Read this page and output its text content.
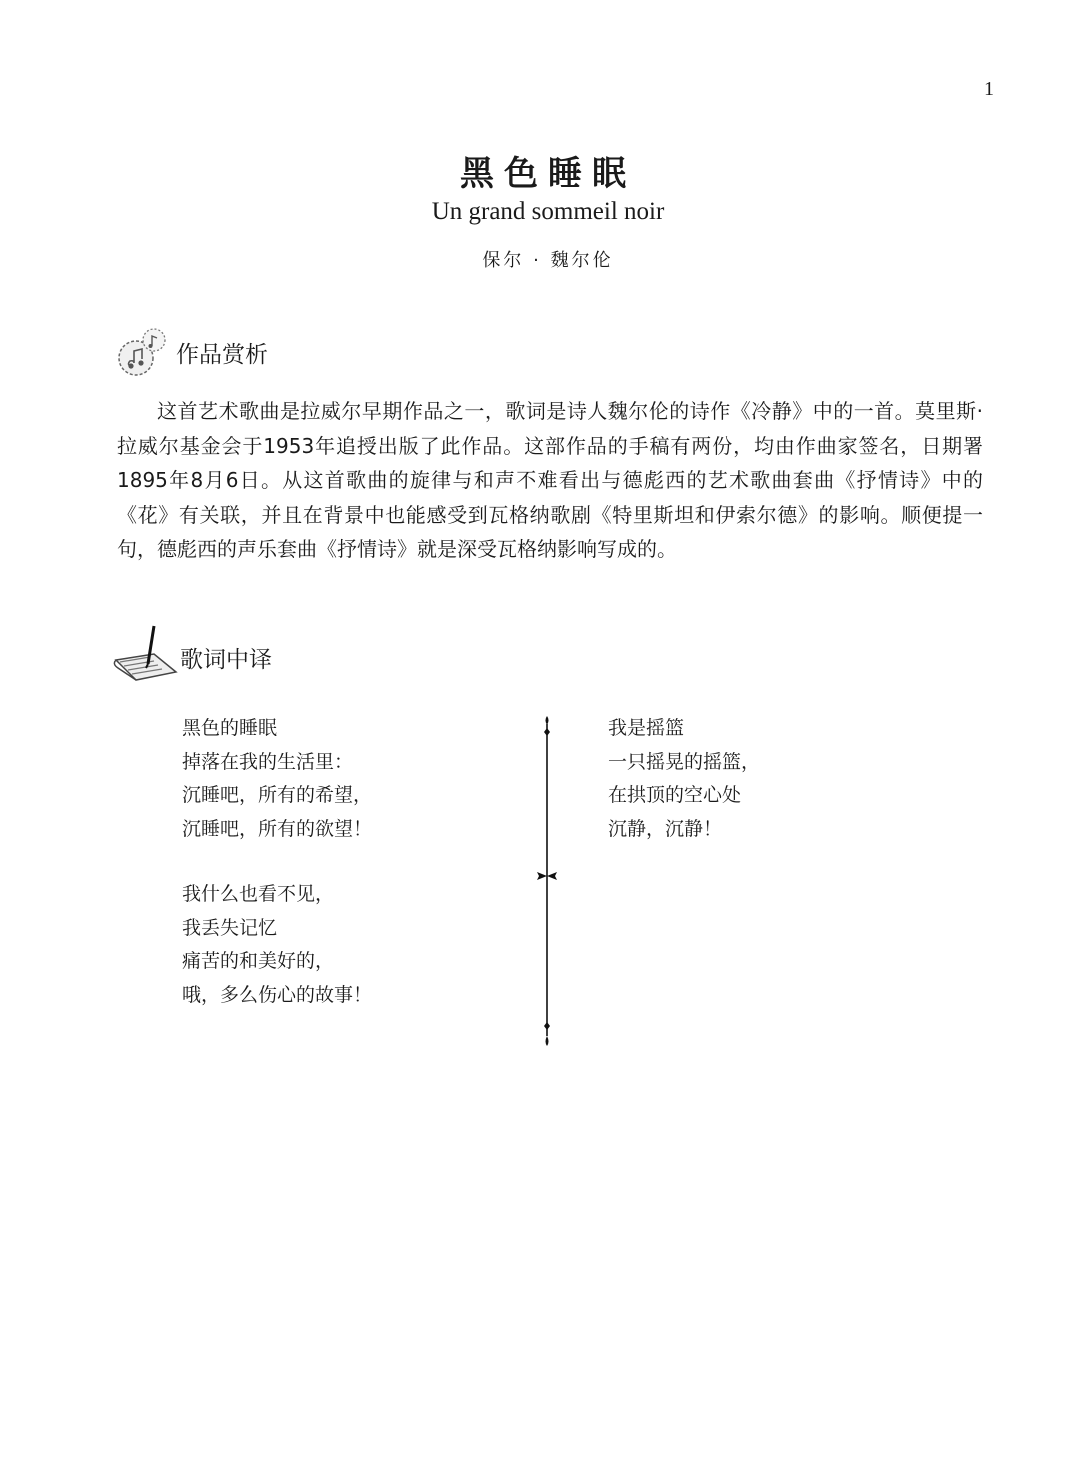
1
黑色睡眠
Un grand sommeil noir
保尔 · 魏尔伦
作品赏析

这首艺术歌曲是拉威尔早期作品之一，歌词是诗人魏尔伦的诗作《冷静》中的一首。莫里斯·拉威尔基金会于1953年追授出版了此作品。这部作品的手稿有两份，均由作曲家签名，日期署1895年8月6日。从这首歌曲的旋律与和声不难看出与德彪西的艺术歌曲套曲《抒情诗》中的《花》有关联，并且在背景中也能感受到瓦格纳歌剧《特里斯坦和伊索尔德》的影响。顺便提一句，德彪西的声乐套曲《抒情诗》就是深受瓦格纳影响写成的。

歌词中译
黑色的睡眠
掉落在我的生活里：
沉睡吧，所有的希望，
沉睡吧，所有的欲望！
我什么也看不见，
我丢失记忆
痛苦的和美好的，
哦，多么伤心的故事！
我是摇篮
一只摇晃的摇篮，
在拱顶的空心处
沉静，沉静！
